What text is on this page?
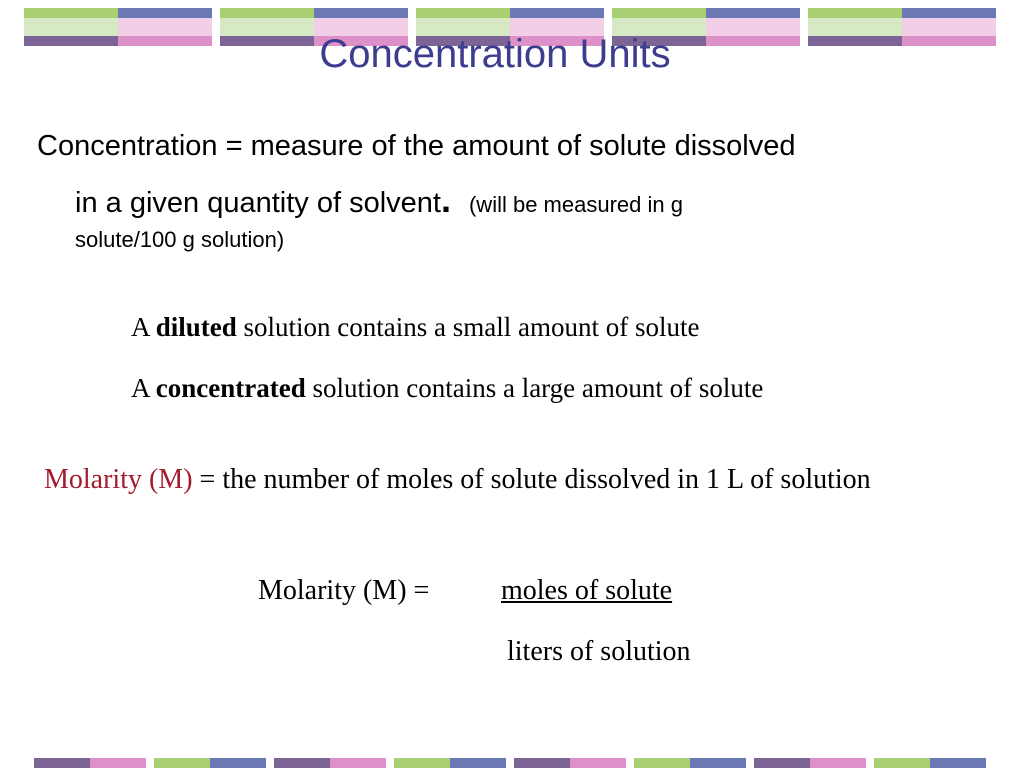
Concentration Units
Concentration = measure of the amount of solute dissolved
in a given quantity of solvent. (will be measured in g
solute/100 g solution)
A diluted solution contains a small amount of solute
A concentrated solution contains a large amount of solute
Molarity (M) = the number of moles of solute dissolved in 1 L of solution
Molarity (M) =	moles of solute
liters of solution
